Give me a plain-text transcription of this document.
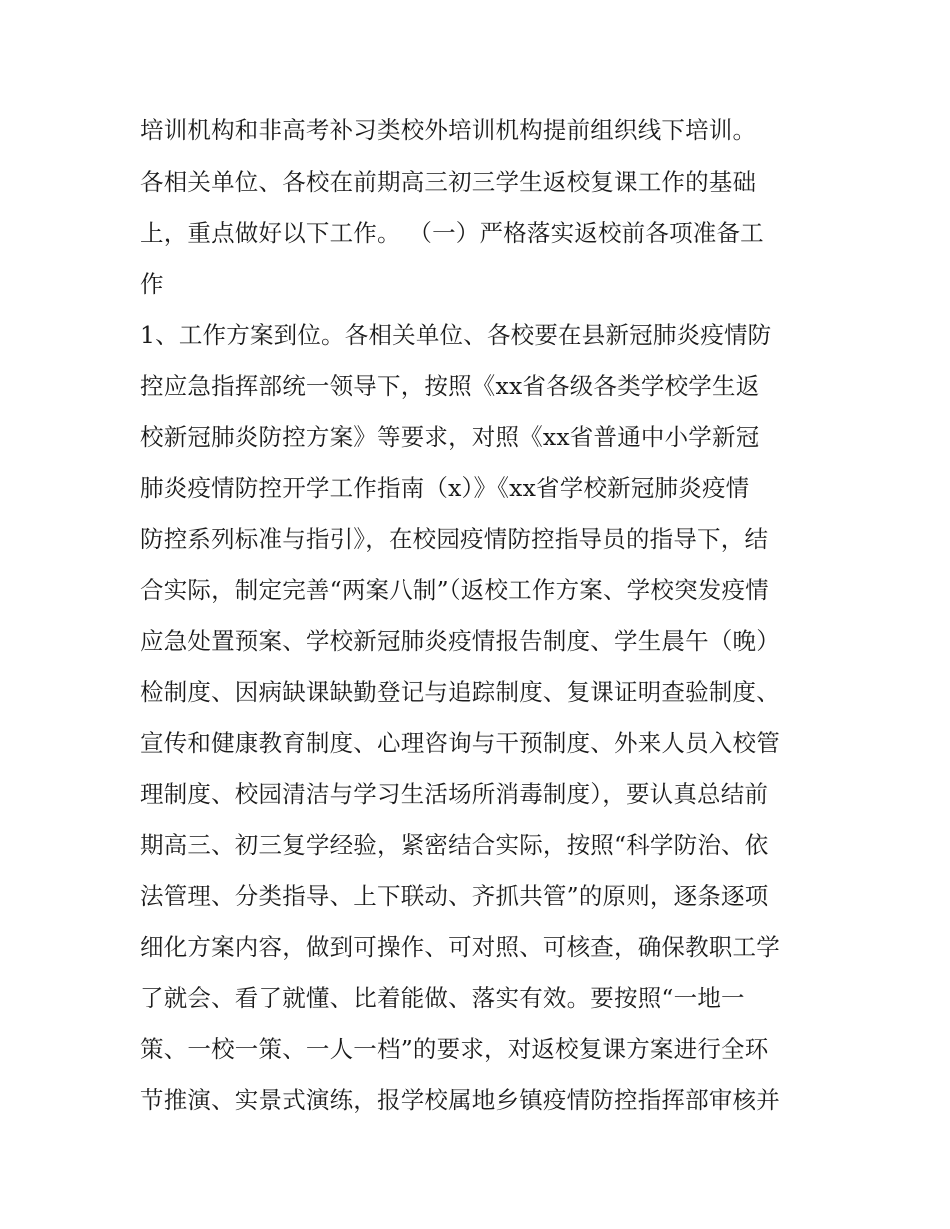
培训机构和非高考补习类校外培训机构提前组织线下培训。
各相关单位、各校在前期高三初三学生返校复课工作的基础
上，重点做好以下工作。 （一）严格落实返校前各项准备工
作
1、工作方案到位。各相关单位、各校要在县新冠肺炎疫情防
控应急指挥部统一领导下，按照《xx省各级各类学校学生返
校新冠肺炎防控方案》等要求，对照《xx省普通中小学新冠
肺炎疫情防控开学工作指南（x）》《xx省学校新冠肺炎疫情
防控系列标准与指引》，在校园疫情防控指导员的指导下，结
合实际，制定完善“两案八制”（返校工作方案、学校突发疫情
应急处置预案、学校新冠肺炎疫情报告制度、学生晨午（晚）
检制度、因病缺课缺勤登记与追踪制度、复课证明查验制度、
宣传和健康教育制度、心理咨询与干预制度、外来人员入校管
理制度、校园清洁与学习生活场所消毒制度），要认真总结前
期高三、初三复学经验，紧密结合实际，按照“科学防治、依
法管理、分类指导、上下联动、齐抓共管”的原则，逐条逐项
细化方案内容，做到可操作、可对照、可核查，确保教职工学
了就会、看了就懂、比着能做、落实有效。要按照“一地一
策、一校一策、一人一档”的要求，对返校复课方案进行全环
节推演、实景式演练，报学校属地乡镇疫情防控指挥部审核并
